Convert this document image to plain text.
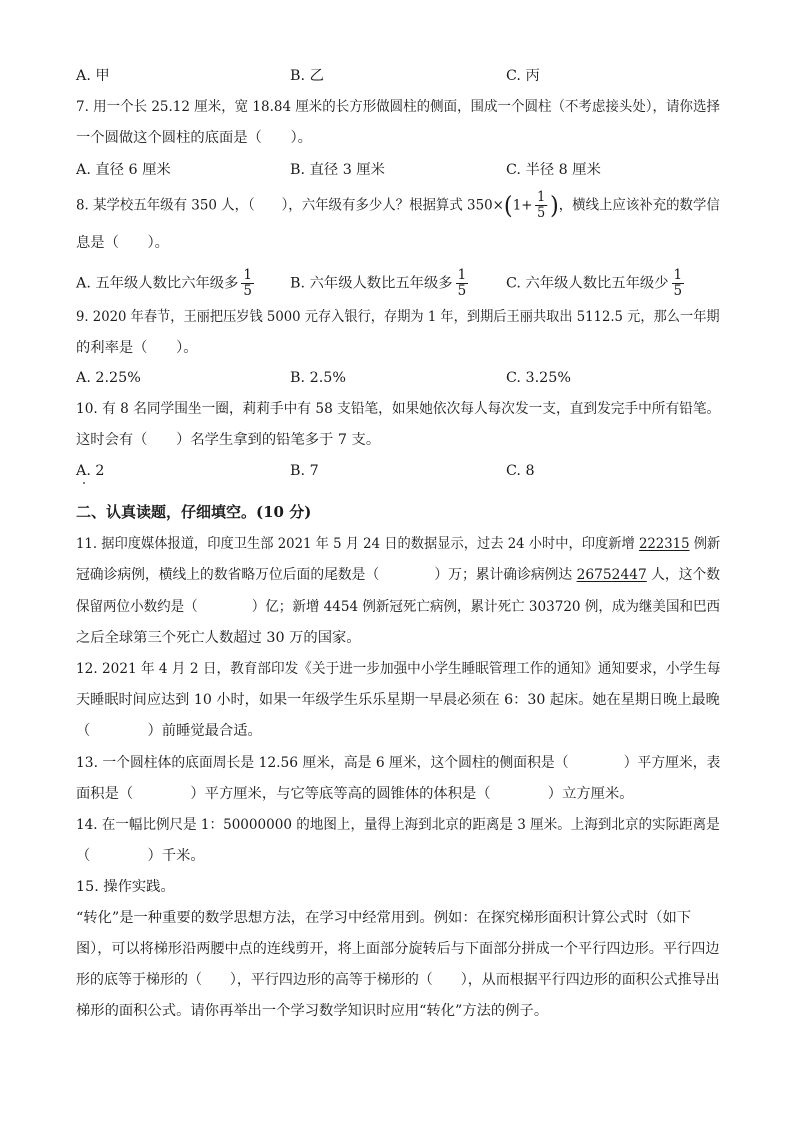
A. 甲	B. 乙	C. 丙
7. 用一个长 25.12 厘米，宽 18.84 厘米的长方形做圆柱的侧面，围成一个圆柱（不考虑接头处），请你选择
一个圆做这个圆柱的底面是（　　）。
A. 直径 6 厘米	B. 直径 3 厘米	C. 半径 8 厘米
8. 某学校五年级有 350 人，（　　），六年级有多少人？根据算式 $350\times(1+ \frac{1}{5}$ )，横线上应该补充的数学信
息是（　　）。
A. 五年级人数比六年级多 $\frac{1}{5}$	B. 六年级人数比五年级多 $\frac{1}{5}$	C. 六年级人数比五年级少 $\frac{1}{5}$
9. 2020 年春节，王丽把压岁钱 5000 元存入银行，存期为 1 年，到期后王丽共取出 5112.5 元，那么一年期
的利率是（　　）。
A. 2.25%	B. 2.5%	C. 3.25%
10. 有 8 名同学围坐一圈，莉莉手中有 58 支铅笔，如果她依次每人每次发一支，直到发完手中所有铅笔。
这时会有（　　）名学生拿到的铅笔多于 7 支。
A. 2	B. 7	C. 8
二、认真读题，仔细填空。(10 分)
11. 据印度媒体报道，印度卫生部 2021 年 5 月 24 日的数据显示，过去 24 小时中，印度新增 222315 例新
冠确诊病例，横线上的数省略万位后面的尾数是（　　　　）万；累计确诊病例达 26752447 人，这个数
保留两位小数约是（　　　　）亿；新增 4454 例新冠死亡病例，累计死亡 303720 例，成为继美国和巴西
之后全球第三个死亡人数超过 30 万的国家。
12. 2021 年 4 月 2 日，教育部印发《关于进一步加强中小学生睡眠管理工作的通知》通知要求，小学生每
天睡眠时间应达到 10 小时，如果一年级学生乐乐星期一早晨必须在 6：30 起床。她在星期日晚上最晚
（　　　　）前睡觉最合适。
13. 一个圆柱体的底面周长是 12.56 厘米，高是 6 厘米，这个圆柱的侧面积是（　　　　）平方厘米，表
面积是（　　　　）平方厘米，与它等底等高的圆锥体的体积是（　　　　）立方厘米。
14. 在一幅比例尺是 1：50000000 的地图上，量得上海到北京的距离是 3 厘米。上海到北京的实际距离是
（　　　　）千米。
15. 操作实践。
“转化”是一种重要的数学思想方法，在学习中经常用到。例如：在探究梯形面积计算公式时（如下
图），可以将梯形沿两腰中点的连线剪开，将上面部分旋转后与下面部分拼成一个平行四边形。平行四边
形的底等于梯形的（　　），平行四边形的高等于梯形的（　　），从而根据平行四边形的面积公式推导出
梯形的面积公式。请你再举出一个学习数学知识时应用“转化”方法的例子。
